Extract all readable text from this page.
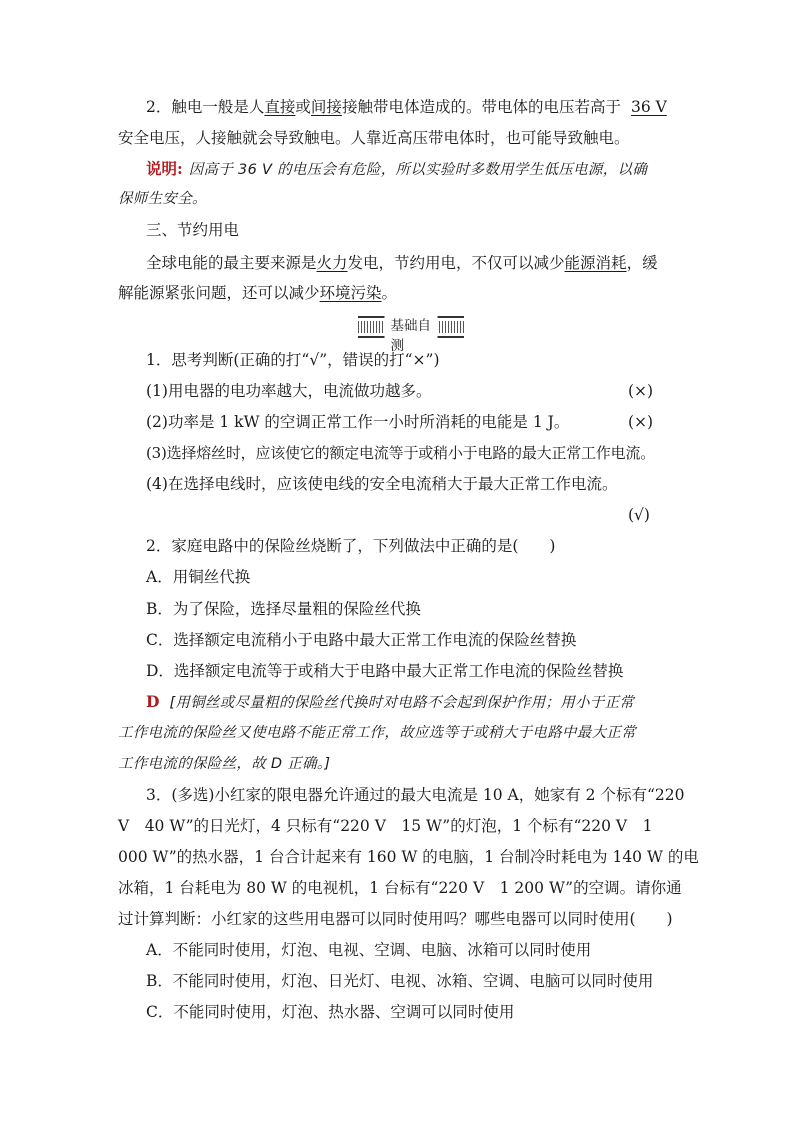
2．触电一般是人直接或间接接触带电体造成的。带电体的电压若高于 36 V
安全电压，人接触就会导致触电。人靠近高压带电体时，也可能导致触电。
说明: 因高于 36 V 的电压会有危险，所以实验时多数用学生低压电源，以确
保师生安全。
三、节约用电
全球电能的最主要来源是火力发电，节约用电，不仅可以减少能源消耗，缓
解能源紧张问题，还可以减少环境污染。
基础自测
1．思考判断(正确的打“√”，错误的打“×”)
(1)用电器的电功率越大，电流做功越多。	(×)
(2)功率是 1 kW 的空调正常工作一小时所消耗的电能是 1 J。	(×)
(3)选择熔丝时，应该使它的额定电流等于或稍小于电路的最大正常工作电流。
(4)在选择电线时，应该使电线的安全电流稍大于最大正常工作电流。
(√)
2．家庭电路中的保险丝烧断了，下列做法中正确的是(　　)
A．用铜丝代换
B．为了保险，选择尽量粗的保险丝代换
C．选择额定电流稍小于电路中最大正常工作电流的保险丝替换
D．选择额定电流等于或稍大于电路中最大正常工作电流的保险丝替换
D [用铜丝或尽量粗的保险丝代换时对电路不会起到保护作用；用小于正常
工作电流的保险丝又使电路不能正常工作，故应选等于或稍大于电路中最大正常
工作电流的保险丝，故 D 正确。]
3．(多选)小红家的限电器允许通过的最大电流是 10 A，她家有 2 个标有“220
V　40 W”的日光灯，4 只标有“220 V　15 W”的灯泡，1 个标有“220 V　1
000 W”的热水器，1 台合计起来有 160 W 的电脑，1 台制冷时耗电为 140 W 的电
冰箱，1 台耗电为 80 W 的电视机，1 台标有“220 V　1 200 W”的空调。请你通
过计算判断：小红家的这些用电器可以同时使用吗？哪些电器可以同时使用(　　)
A．不能同时使用，灯泡、电视、空调、电脑、冰箱可以同时使用
B．不能同时使用，灯泡、日光灯、电视、冰箱、空调、电脑可以同时使用
C．不能同时使用，灯泡、热水器、空调可以同时使用
